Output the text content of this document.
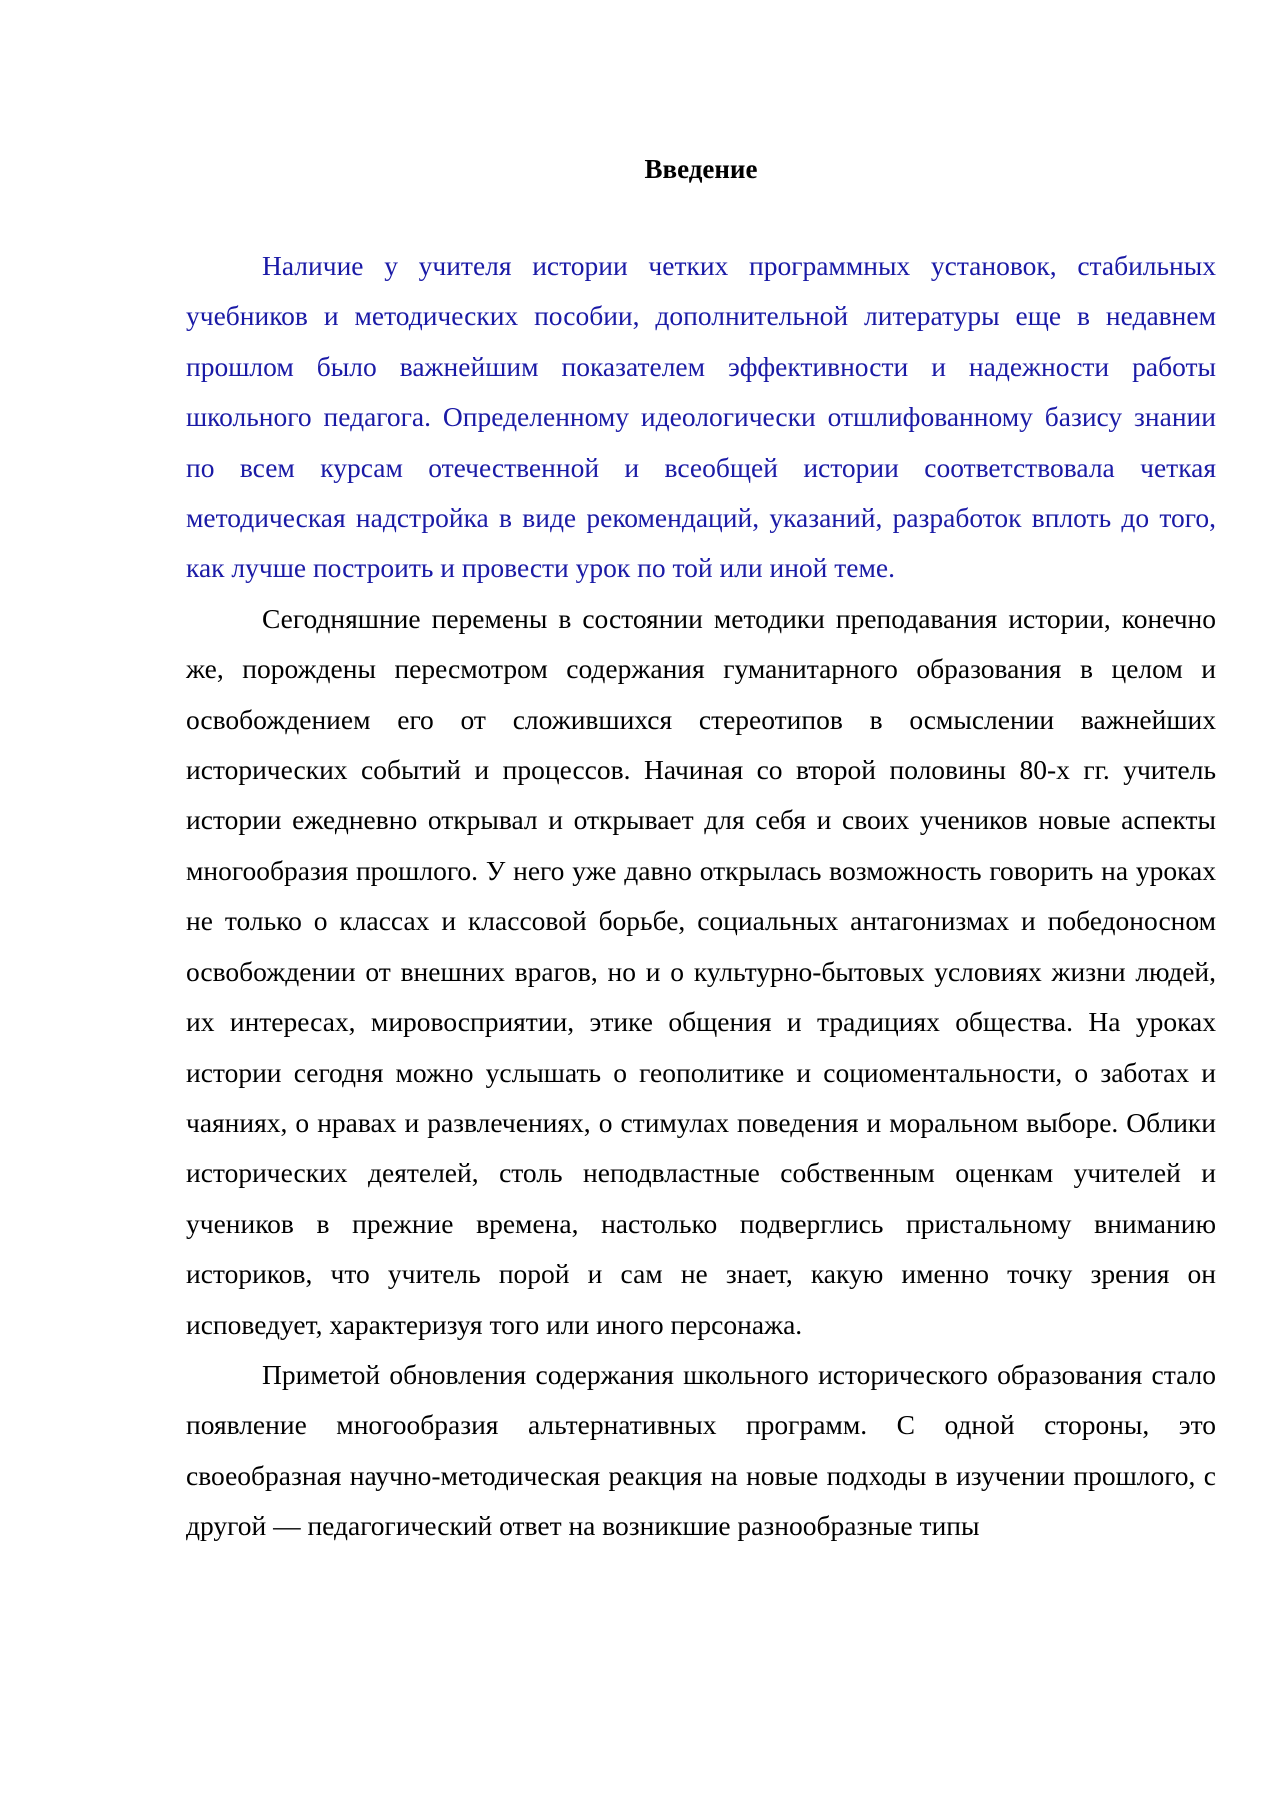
Введение

Наличие у учителя истории четких программных установок, стабильных учебников и методических пособии, дополнительной литературы еще в недавнем прошлом было важнейшим показателем эффективности и надежности работы школьного педагога. Определенному идеологически отшлифованному базису знании по всем курсам отечественной и всеобщей истории соответствовала четкая методическая надстройка в виде рекомендаций, указаний, разработок вплоть до того, как лучше построить и провести урок по той или иной теме.

Сегодняшние перемены в состоянии методики преподавания истории, конечно же, порождены пересмотром содержания гуманитарного образования в целом и освобождением его от сложившихся стереотипов в осмыслении важнейших исторических событий и процессов. Начиная со второй половины 80-х гг. учитель истории ежедневно открывал и открывает для себя и своих учеников новые аспекты многообразия прошлого. У него уже давно открылась возможность говорить на уроках не только о классах и классовой борьбе, социальных антагонизмах и победоносном освобождении от внешних врагов, но и о культурно-бытовых условиях жизни людей, их интересах, мировосприятии, этике общения и традициях общества. На уроках истории сегодня можно услышать о геополитике и социоментальности, о заботах и чаяниях, о нравах и развлечениях, о стимулах поведения и моральном выборе. Облики исторических деятелей, столь неподвластные собственным оценкам учителей и учеников в прежние времена, настолько подверглись пристальному вниманию историков, что учитель порой и сам не знает, какую именно точку зрения он исповедует, характеризуя того или иного персонажа.

Приметой обновления содержания школьного исторического образования стало появление многообразия альтернативных программ. С одной стороны, это своеобразная научно-методическая реакция на новые подходы в изучении прошлого, с другой — педагогический ответ на возникшие разнообразные типы
